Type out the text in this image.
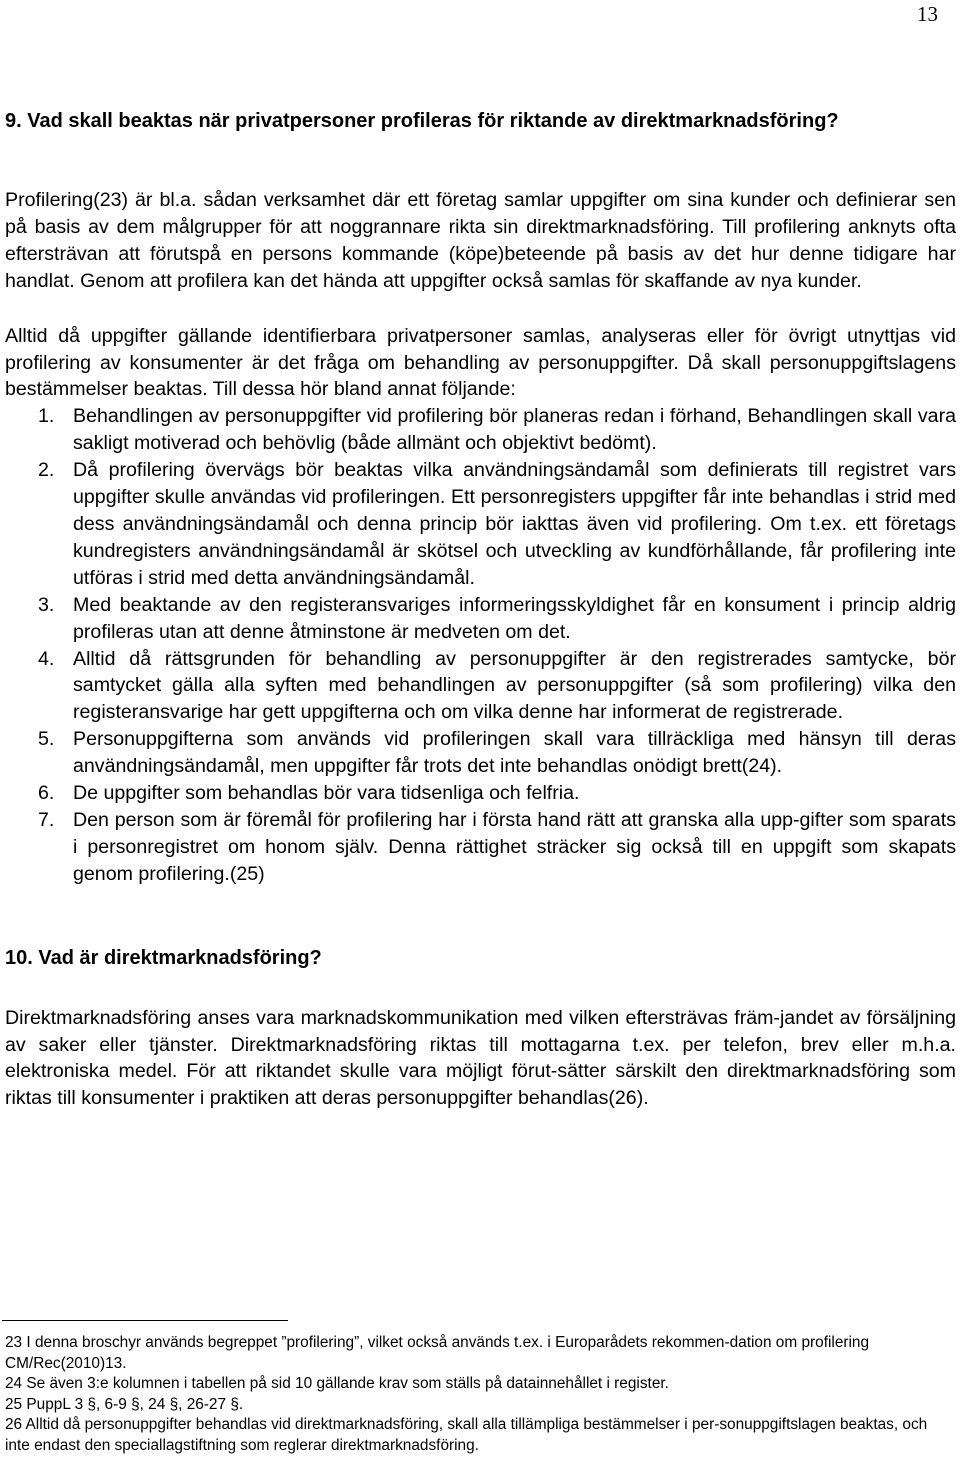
13
9. Vad skall beaktas när privatpersoner profileras för riktande av direktmarknadsföring?

Profilering(23) är bl.a. sådan verksamhet där ett företag samlar uppgifter om sina kunder och definierar sen på basis av dem målgrupper för att noggrannare rikta sin direktmarknadsföring. Till profilering anknyts ofta eftersträvan att förutspå en persons kommande (köpe)beteende på basis av det hur denne tidigare har handlat. Genom att profilera kan det hända att uppgifter också samlas för skaffande av nya kunder.

Alltid då uppgifter gällande identifierbara privatpersoner samlas, analyseras eller för övrigt utnyttjas vid profilering av konsumenter är det fråga om behandling av personuppgifter. Då skall personuppgiftslagens bestämmelser beaktas. Till dessa hör bland annat följande:

1. Behandlingen av personuppgifter vid profilering bör planeras redan i förhand, Behandlingen skall vara sakligt motiverad och behövlig (både allmänt och objektivt bedömt).
2. Då profilering övervägs bör beaktas vilka användningsändamål som definierats till registret vars uppgifter skulle användas vid profileringen. Ett personregisters uppgifter får inte behandlas i strid med dess användningsändamål och denna princip bör iakttas även vid profilering. Om t.ex. ett företags kundregisters användningsändamål är skötsel och utveckling av kundförhållande, får profilering inte utföras i strid med detta användningsändamål.
3. Med beaktande av den registeransvariges informeringsskyldighet får en konsument i princip aldrig profileras utan att denne åtminstone är medveten om det.
4. Alltid då rättsgrunden för behandling av personuppgifter är den registrerades samtycke, bör samtycket gälla alla syften med behandlingen av personuppgifter (så som profilering) vilka den registeransvarige har gett uppgifterna och om vilka denne har informerat de registrerade.
5. Personuppgifterna som används vid profileringen skall vara tillräckliga med hänsyn till deras användningsändamål, men uppgifter får trots det inte behandlas onödigt brett(24).
6. De uppgifter som behandlas bör vara tidsenliga och felfria.
7. Den person som är föremål för profilering har i första hand rätt att granska alla upp-gifter som sparats i personregistret om honom själv. Denna rättighet sträcker sig också till en uppgift som skapats genom profilering.(25)
10. Vad är direktmarknadsföring?

Direktmarknadsföring anses vara marknadskommunikation med vilken eftersträvas främ-jandet av försäljning av saker eller tjänster. Direktmarknadsföring riktas till mottagarna t.ex. per telefon, brev eller m.h.a. elektroniska medel. För att riktandet skulle vara möjligt förut-sätter särskilt den direktmarknadsföring som riktas till konsumenter i praktiken att deras personuppgifter behandlas(26).

23 I denna broschyr används begreppet ”profilering”, vilket också används t.ex. i Europarådets rekommen-dation om profilering CM/Rec(2010)13.
24 Se även 3:e kolumnen i tabellen på sid 10 gällande krav som ställs på datainnehållet i register.
25 PuppL 3 §, 6-9 §, 24 §, 26-27 §.
26 Alltid då personuppgifter behandlas vid direktmarknadsföring, skall alla tillämpliga bestämmelser i per-sonuppgiftslagen beaktas, och inte endast den speciallagstiftning som reglerar direktmarknadsföring.
